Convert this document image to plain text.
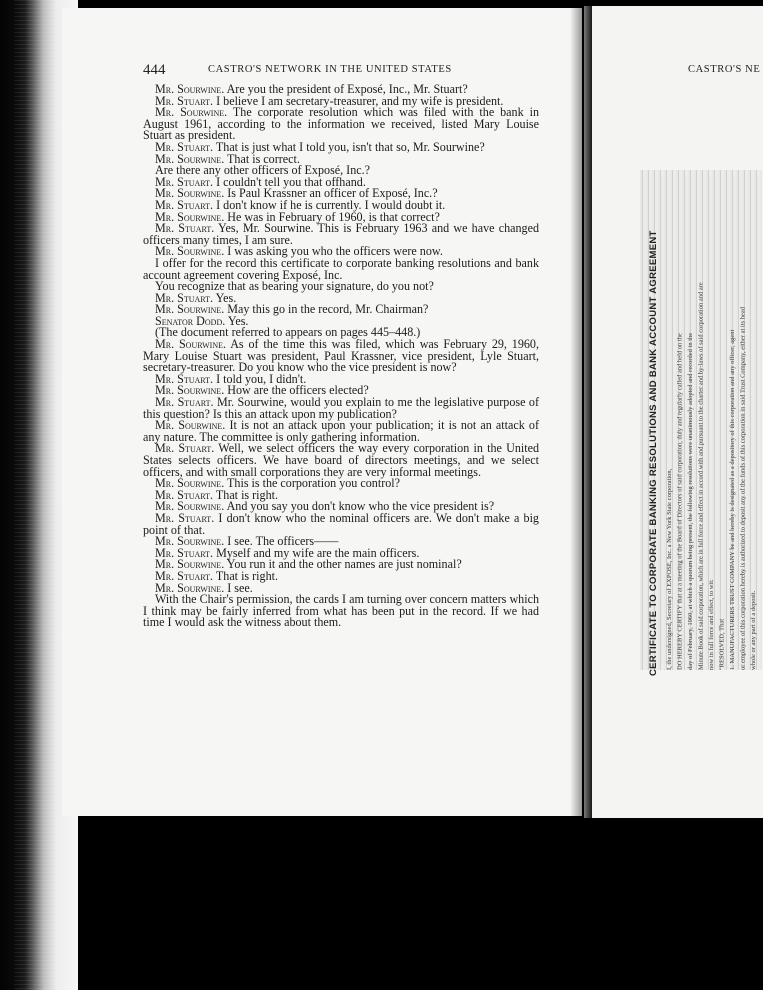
444	CASTRO'S NETWORK IN THE UNITED STATES	CASTRO'S NE

Mr. Sourwine. Are you the president of Exposé, Inc., Mr. Stuart?

Mr. Stuart. I believe I am secretary-treasurer, and my wife is president.

Mr. Sourwine. The corporate resolution which was filed with the bank in August 1961, according to the information we received, listed Mary Louise Stuart as president.

Mr. Stuart. That is just what I told you, isn't that so, Mr. Sourwine?

Mr. Sourwine. That is correct.

Are there any other officers of Exposé, Inc.?

Mr. Stuart. I couldn't tell you that offhand.

Mr. Sourwine. Is Paul Krassner an officer of Exposé, Inc.?

Mr. Stuart. I don't know if he is currently. I would doubt it.

Mr. Sourwine. He was in February of 1960, is that correct?

Mr. Stuart. Yes, Mr. Sourwine. This is February 1963 and we have changed officers many times, I am sure.

Mr. Sourwine. I was asking you who the officers were now.

I offer for the record this certificate to corporate banking resolutions and bank account agreement covering Exposé, Inc.

You recognize that as bearing your signature, do you not?

Mr. Stuart. Yes.

Mr. Sourwine. May this go in the record, Mr. Chairman?

Senator Dodd. Yes.

(The document referred to appears on pages 445–448.)

Mr. Sourwine. As of the time this was filed, which was February 29, 1960, Mary Louise Stuart was president, Paul Krassner, vice president, Lyle Stuart, secretary-treasurer. Do you know who the vice president is now?

Mr. Stuart. I told you, I didn't.

Mr. Sourwine. How are the officers elected?

Mr. Stuart. Mr. Sourwine, would you explain to me the legislative purpose of this question? Is this an attack upon my publication?

Mr. Sourwine. It is not an attack upon your publication; it is not an attack of any nature. The committee is only gathering information.

Mr. Stuart. Well, we select officers the way every corporation in the United States selects officers. We have board of directors meetings, and we select officers, and with small corporations they are very informal meetings.

Mr. Sourwine. This is the corporation you control?

Mr. Stuart. That is right.

Mr. Sourwine. And you say you don't know who the vice president is?

Mr. Stuart. I don't know who the nominal officers are. We don't make a big point of that.

Mr. Sourwine. I see. The officers——

Mr. Stuart. Myself and my wife are the main officers.

Mr. Sourwine. You run it and the other names are just nominal?

Mr. Stuart. That is right.

Mr. Sourwine. I see.

With the Chair's permission, the cards I am turning over concern matters which I think may be fairly inferred from what has been put in the record. If we had time I would ask the witness about them.	CERTIFICATE TO CORPORATE BANKING RESOLUTIONS AND BANK ACCOUNT AGREEMENT I, the undersigned, Secretary of EXPOSÉ, Inc. a New York State corporation, DO HEREBY CERTIFY that at a meeting of the Board of Directors of said corporation, duly and regularly called and held on the day of February, 1960, at which a quorum being present, the following resolutions were unanimously adopted and recorded in the Minute Book of said corporation, which are in full force and effect in accord with and pursuant to the charter and by-laws of said corporation and are now in full force and effect, to wit: "RESOLVED, That 1. MANUFACTURERS TRUST COMPANY be and hereby is designated as a depository of this corporation and any officer, agent or employee of this corporation hereby is authorized to deposit any of the funds of this corporation in said Trust Company, either at its head whole or any part of a deposit.
